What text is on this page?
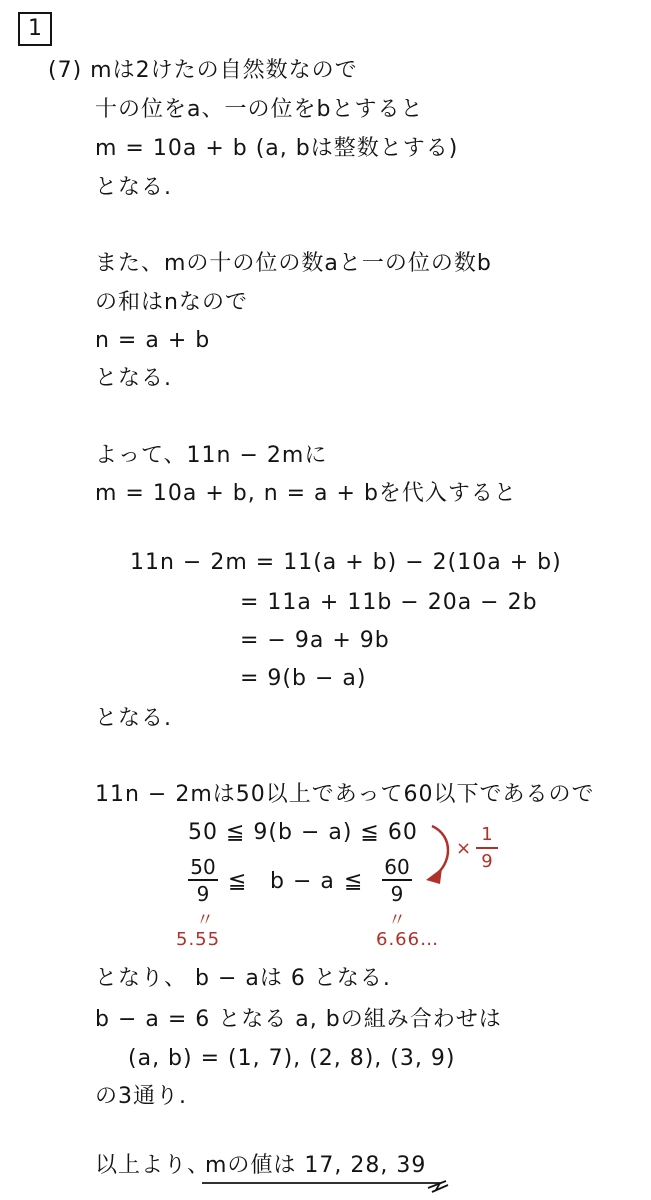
1
(7) mは2けたの自然数なので
十の位をa、一の位をbとすると
m = 10a + b (a, bは整数とする)
となる.
また、mの十の位の数aと一の位の数b
の和はnなので
n = a + b
となる.
よって、11n − 2mに
m = 10a + b, n = a + bを代入すると
11n − 2m = 11(a + b) − 2(10a + b)
= 11a + 11b − 20a − 2b
= − 9a + 9b
= 9(b − a)
となる.
11n − 2mは50以上であって60以下であるので
50 ≦ 9(b − a) ≦ 60
×
1
9
50
9 ≦ b − a ≦
60
9
〃
5.55
〃
6.66…
となり、 b − aは 6 となる.
b − a = 6 となる a, bの組み合わせは
(a, b) = (1, 7), (2, 8), (3, 9)
の3通り.
以上より、
mの値は 17, 28, 39
